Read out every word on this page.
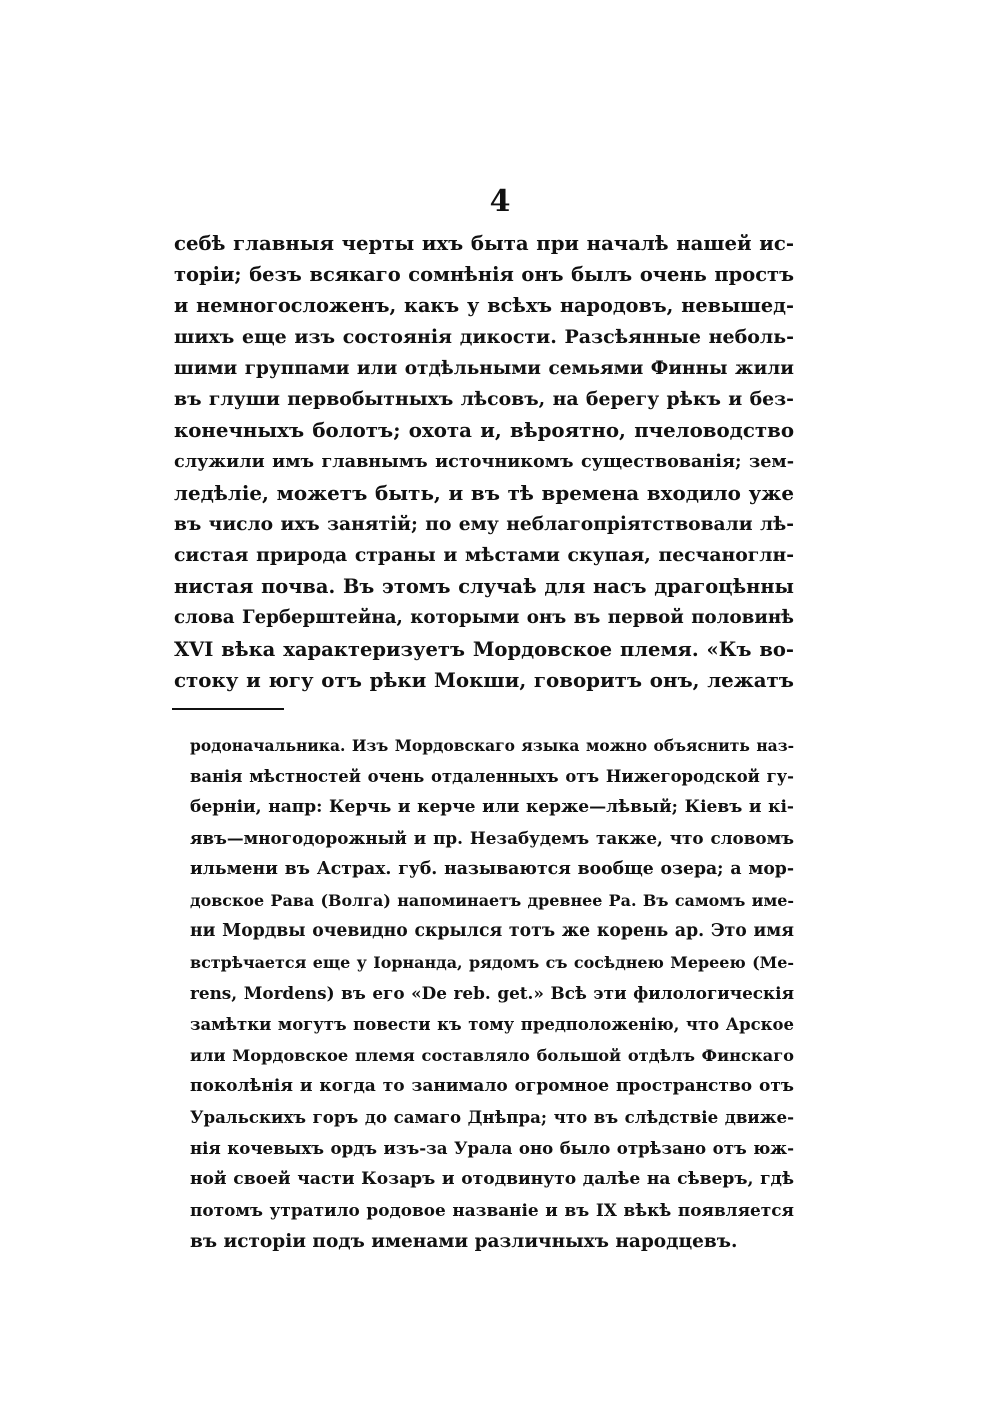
4
себѣ главныя черты ихъ быта при началѣ нашей ис-
торіи; безъ всякаго сомнѣнія онъ былъ очень простъ
и немногосложенъ, какъ у всѣхъ народовъ, невышед-
шихъ еще изъ состоянія дикости. Разсѣянные неболь-
шими группами или отдѣльными семьями Финны жили
въ глуши первобытныхъ лѣсовъ, на берегу рѣкъ и без-
конечныхъ болотъ; охота и, вѣроятно, пчеловодство
служили имъ главнымъ источникомъ существованія; зем-
ледѣліе, можетъ быть, и въ тѣ времена входило уже
въ число ихъ занятій; по ему неблагопріятствовали лѣ-
систая природа страны и мѣстами скупая, песчаноглн-
нистая почва. Въ этомъ случаѣ для насъ драгоцѣнны
слова Герберштейна, которыми онъ въ первой половинѣ
XVI вѣка характеризуетъ Мордовское племя. «Къ во-
стоку и югу отъ рѣки Мокши, говоритъ онъ, лежатъ
родоначальника. Изъ Мордовскаго языка можно объяснить наз-
ванія мѣстностей очень отдаленныхъ отъ Нижегородской гу-
берніи, напр: Керчь и керче или керже—лѣвый; Кіевъ и кі-
явъ—многодорожный и пр. Незабудемъ также, что словомъ
ильмени въ Астрах. губ. называются вообще озера; а мор-
довское Рава (Волга) напоминаетъ древнее Ра. Въ самомъ име-
ни Мордвы очевидно скрылся тотъ же корень ар. Это имя
встрѣчается еще у Іорнанда, рядомъ съ сосѣднею Мереею (Me-
rens, Mordens) въ его «De reb. get.» Всѣ эти филологическія
замѣтки могутъ повести къ тому предположенію, что Арское
или Мордовское племя составляло большой отдѣлъ Финскаго
поколѣнія и когда то занимало огромное пространство отъ
Уральскихъ горъ до самаго Днѣпра; что въ слѣдствіе движе-
нія кочевыхъ ордъ изъ-за Урала оно было отрѣзано отъ юж-
ной своей части Козаръ и отодвинуто далѣе на сѣверъ, гдѣ
потомъ утратило родовое названіе и въ IX вѣкѣ появляется
въ исторіи подъ именами различныхъ народцевъ.
